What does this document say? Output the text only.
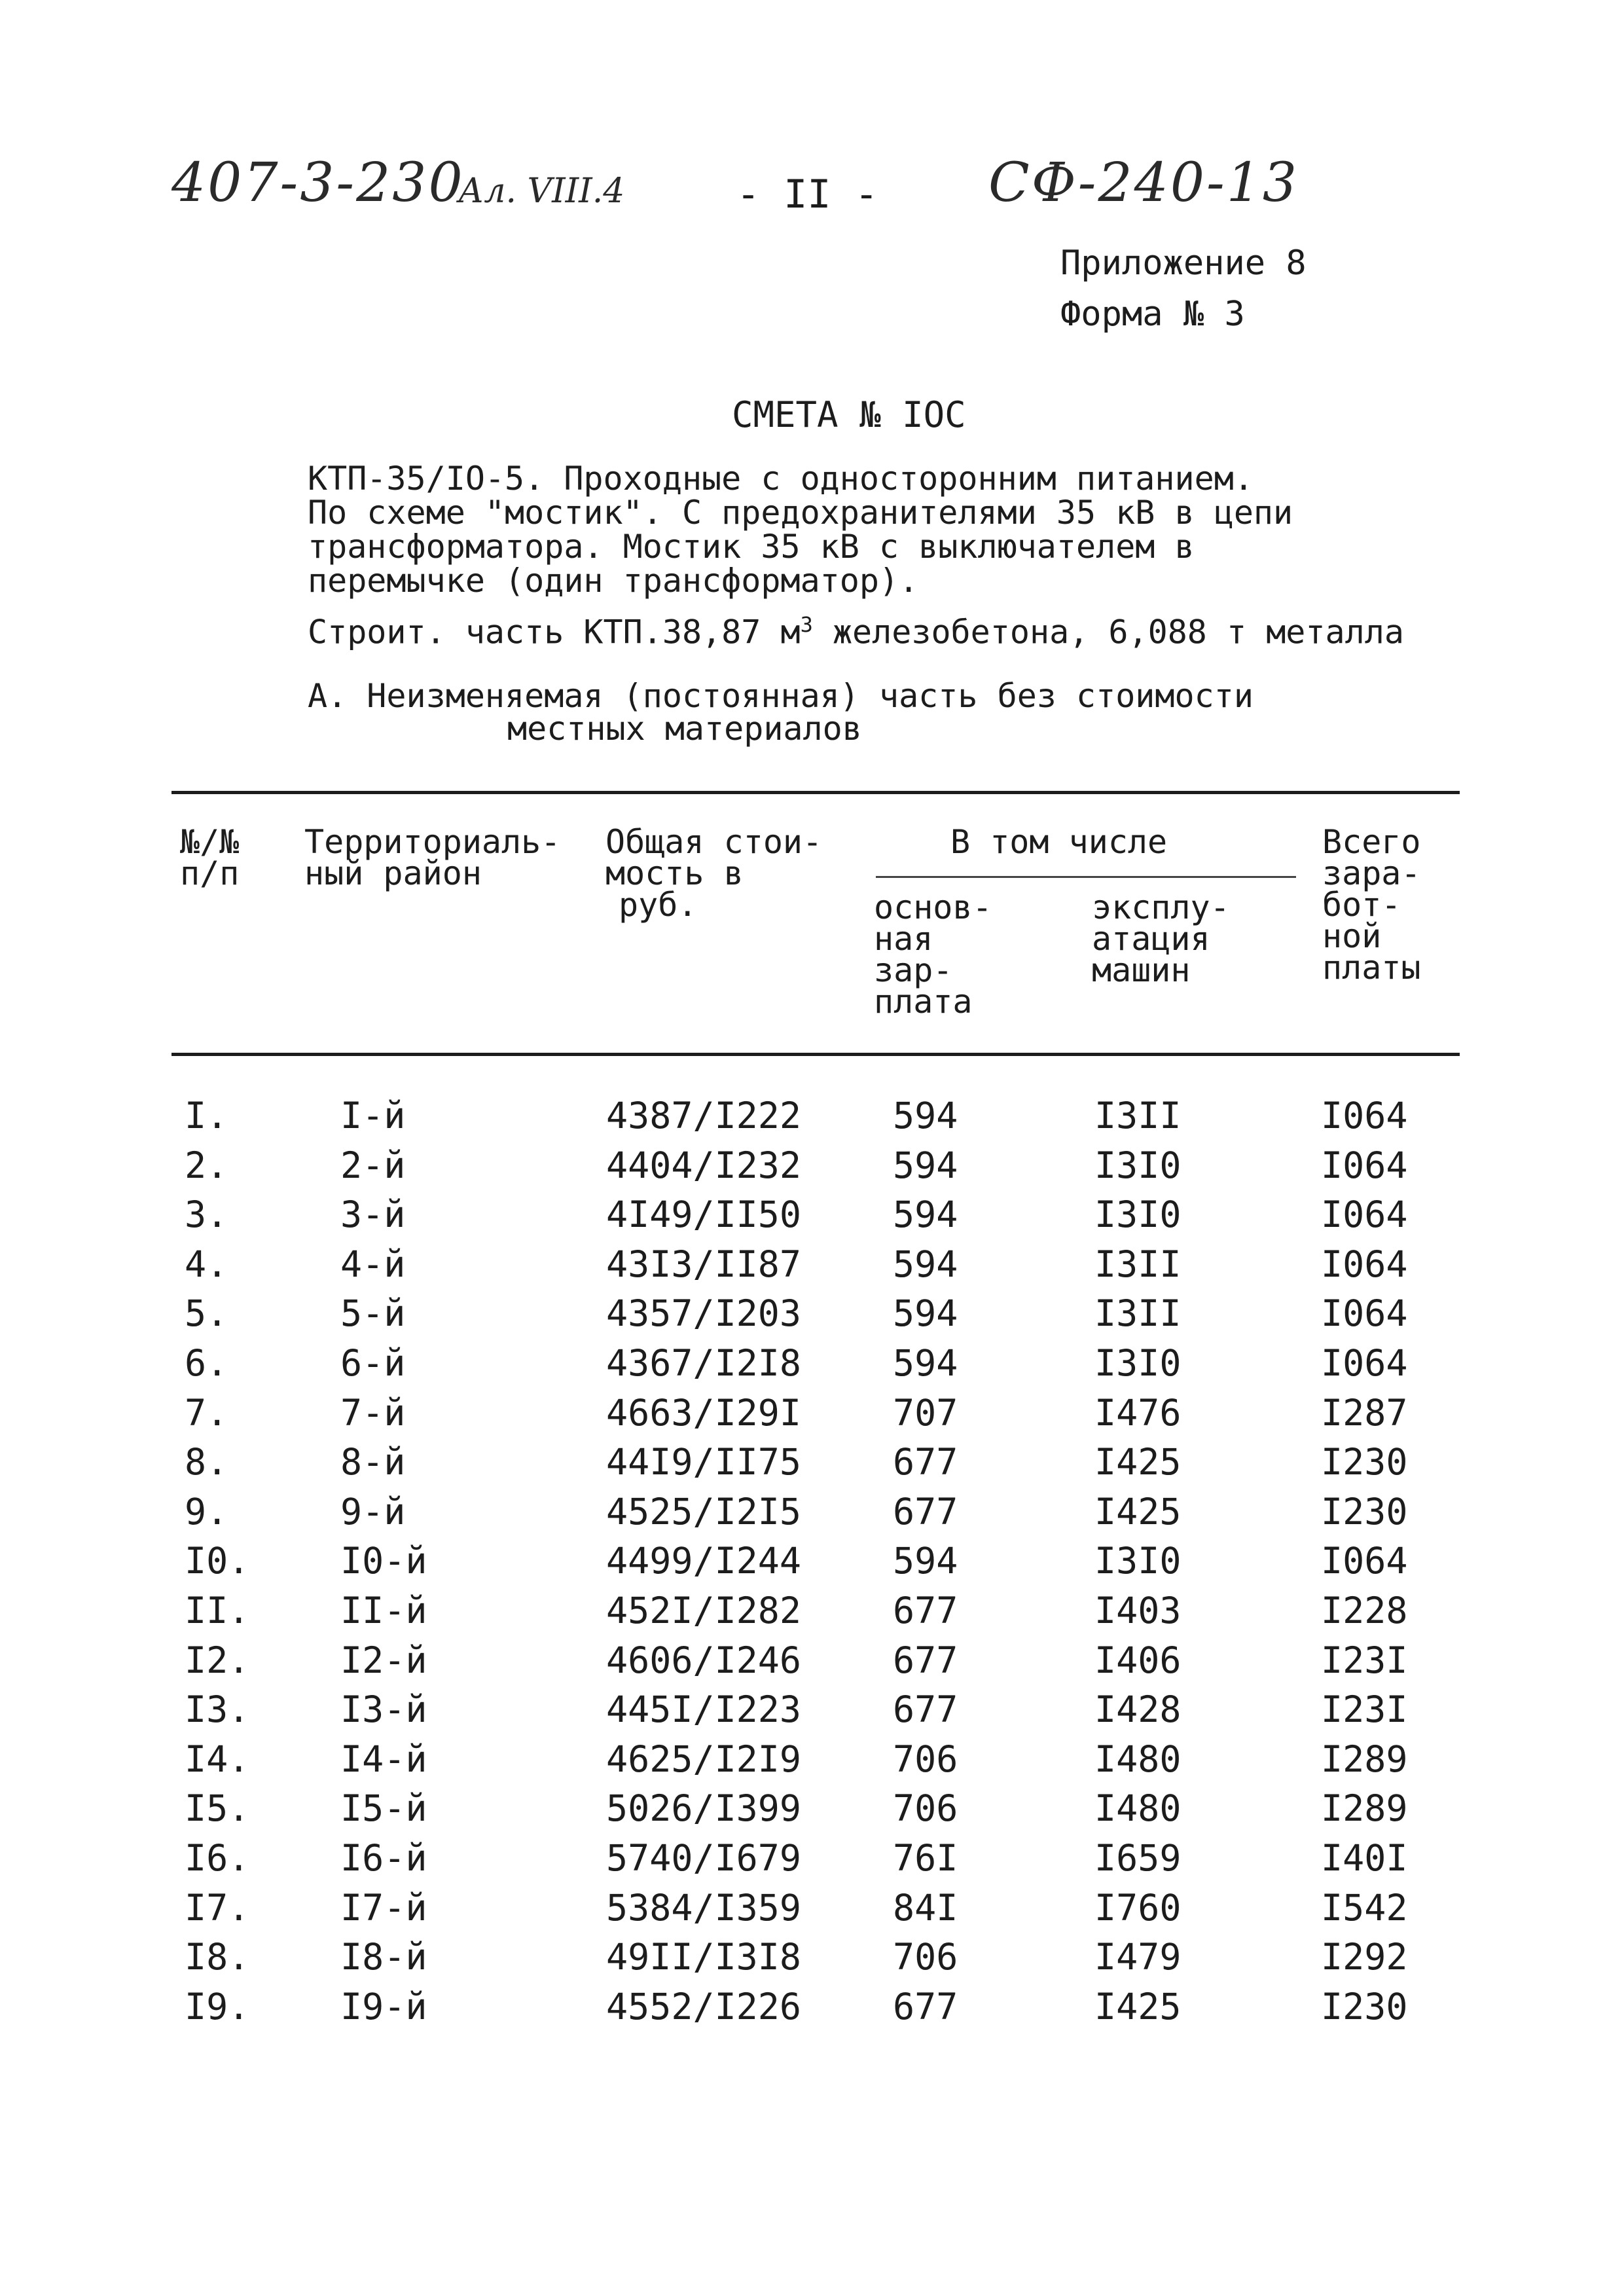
407-3-230
Ал. VIII.4	- II - СФ-240-13
Приложение 8
Форма № 3
СМЕТА № IOC
КТП-35/IO-5. Проходные с односторонним питанием.
По схеме "мостик". С предохранителями 35 кВ в цепи
трансформатора. Мостик 35 кВ с выключателем в
перемычке (один трансформатор).
Строит. часть КТП.38,87 $м^3$ железобетона, 6,088 т металла
А. Неизменяемая (постоянная) часть без стоимости
местных материалов
№/№
п/п
Территориаль-
ный район
Общая стои-
мость в
руб.
В том числе
основ-
ная
зар-
плата
эксплу-
атация
машин
Всего
зара-
бот-
ной
платы
I.	I-й	4387/I222	594	I3II	I064
2.	2-й	4404/I232	594	I3I0	I064
3.	3-й	4I49/II50	594	I3I0	I064
4.	4-й	43I3/II87	594	I3II	I064
5.	5-й	4357/I203	594	I3II	I064
6.	6-й	4367/I2I8	594	I3I0	I064
7.	7-й	4663/I29I	707	I476	I287
8.	8-й	44I9/II75	677	I425	I230
9.	9-й	4525/I2I5	677	I425	I230
I0.	I0-й	4499/I244	594	I3I0	I064
II.	II-й	452I/I282	677	I403	I228
I2.	I2-й	4606/I246	677	I406	I23I
I3.	I3-й	445I/I223	677	I428	I23I
I4.	I4-й	4625/I2I9	706	I480	I289
I5.	I5-й	5026/I399	706	I480	I289
I6.	I6-й	5740/I679	76I	I659	I40I
I7.	I7-й	5384/I359	84I	I760	I542
I8.	I8-й	49II/I3I8	706	I479	I292
I9.	I9-й	4552/I226	677	I425	I230
